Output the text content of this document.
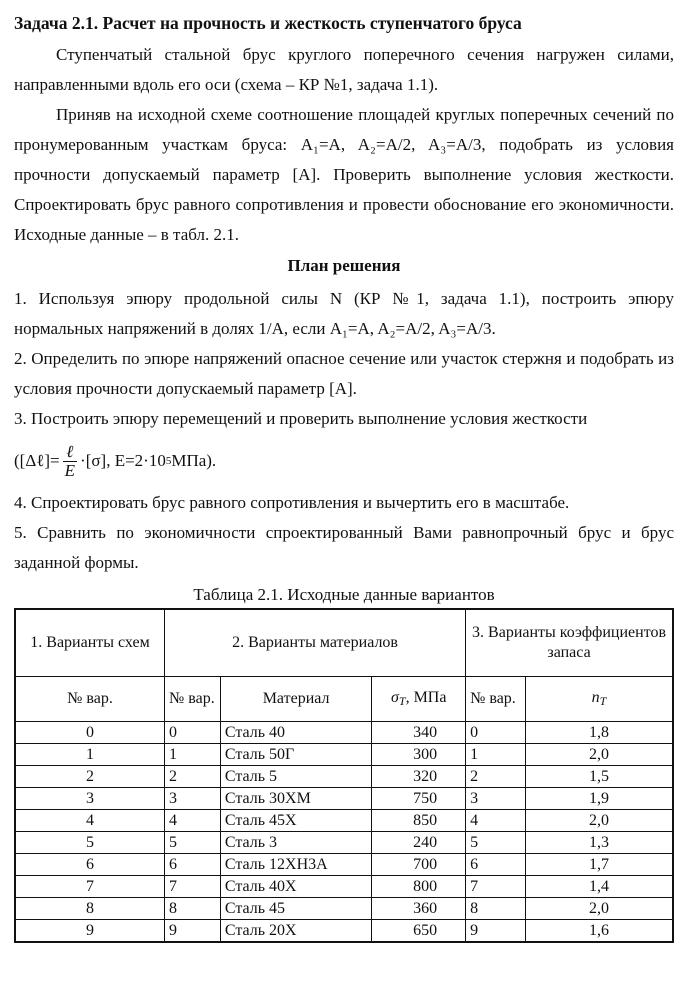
Задача 2.1. Расчет на прочность и жесткость ступенчатого бруса

Ступенчатый стальной брус круглого поперечного сечения нагружен силами, направленными вдоль его оси (схема – КР №1, задача 1.1).

Приняв на исходной схеме соотношение площадей круглых поперечных сечений по пронумерованным участкам бруса: A₁=A, A₂=A/2, A₃=A/3, подобрать из условия прочности допускаемый параметр [A]. Проверить выполнение условия жесткости. Спроектировать брус равного сопротивления и провести обоснование его экономичности. Исходные данные – в табл. 2.1.

План решения

1. Используя эпюру продольной силы N (КР №1, задача 1.1), построить эпюру нормальных напряжений в долях 1/A, если A₁=A, A₂=A/2, A₃=A/3.

2. Определить по эпюре напряжений опасное сечение или участок стержня и подобрать из условия прочности допускаемый параметр [A].

3. Построить эпюру перемещений и проверить выполнение условия жесткости

([Δℓ]= $\frac{\text{ℓ}}{E} \cdot[\sigma]$, E=2·10 5 МПа).

4. Спроектировать брус равного сопротивления и вычертить его в масштабе.

5. Сравнить по экономичности спроектированный Вами равнопрочный брус и брус заданной формы.

Таблица 2.1. Исходные данные вариантов
1. Варианты схем	2. Варианты материалов			3. Варианты коэффициентов запаса	
№ вар.	№ вар.	Материал	$\sigma_T$, МПа	№ вар.	$n_T$
0	0	Сталь 40	340	0	1,8
1	1	Сталь 50Г	300	1	2,0
2	2	Сталь 5	320	2	1,5
3	3	Сталь 30ХМ	750	3	1,9
4	4	Сталь 45Х	850	4	2,0
5	5	Сталь 3	240	5	1,3
6	6	Сталь 12ХН3А	700	6	1,7
7	7	Сталь 40Х	800	7	1,4
8	8	Сталь 45	360	8	2,0
9	9	Сталь 20Х	650	9	1,6
